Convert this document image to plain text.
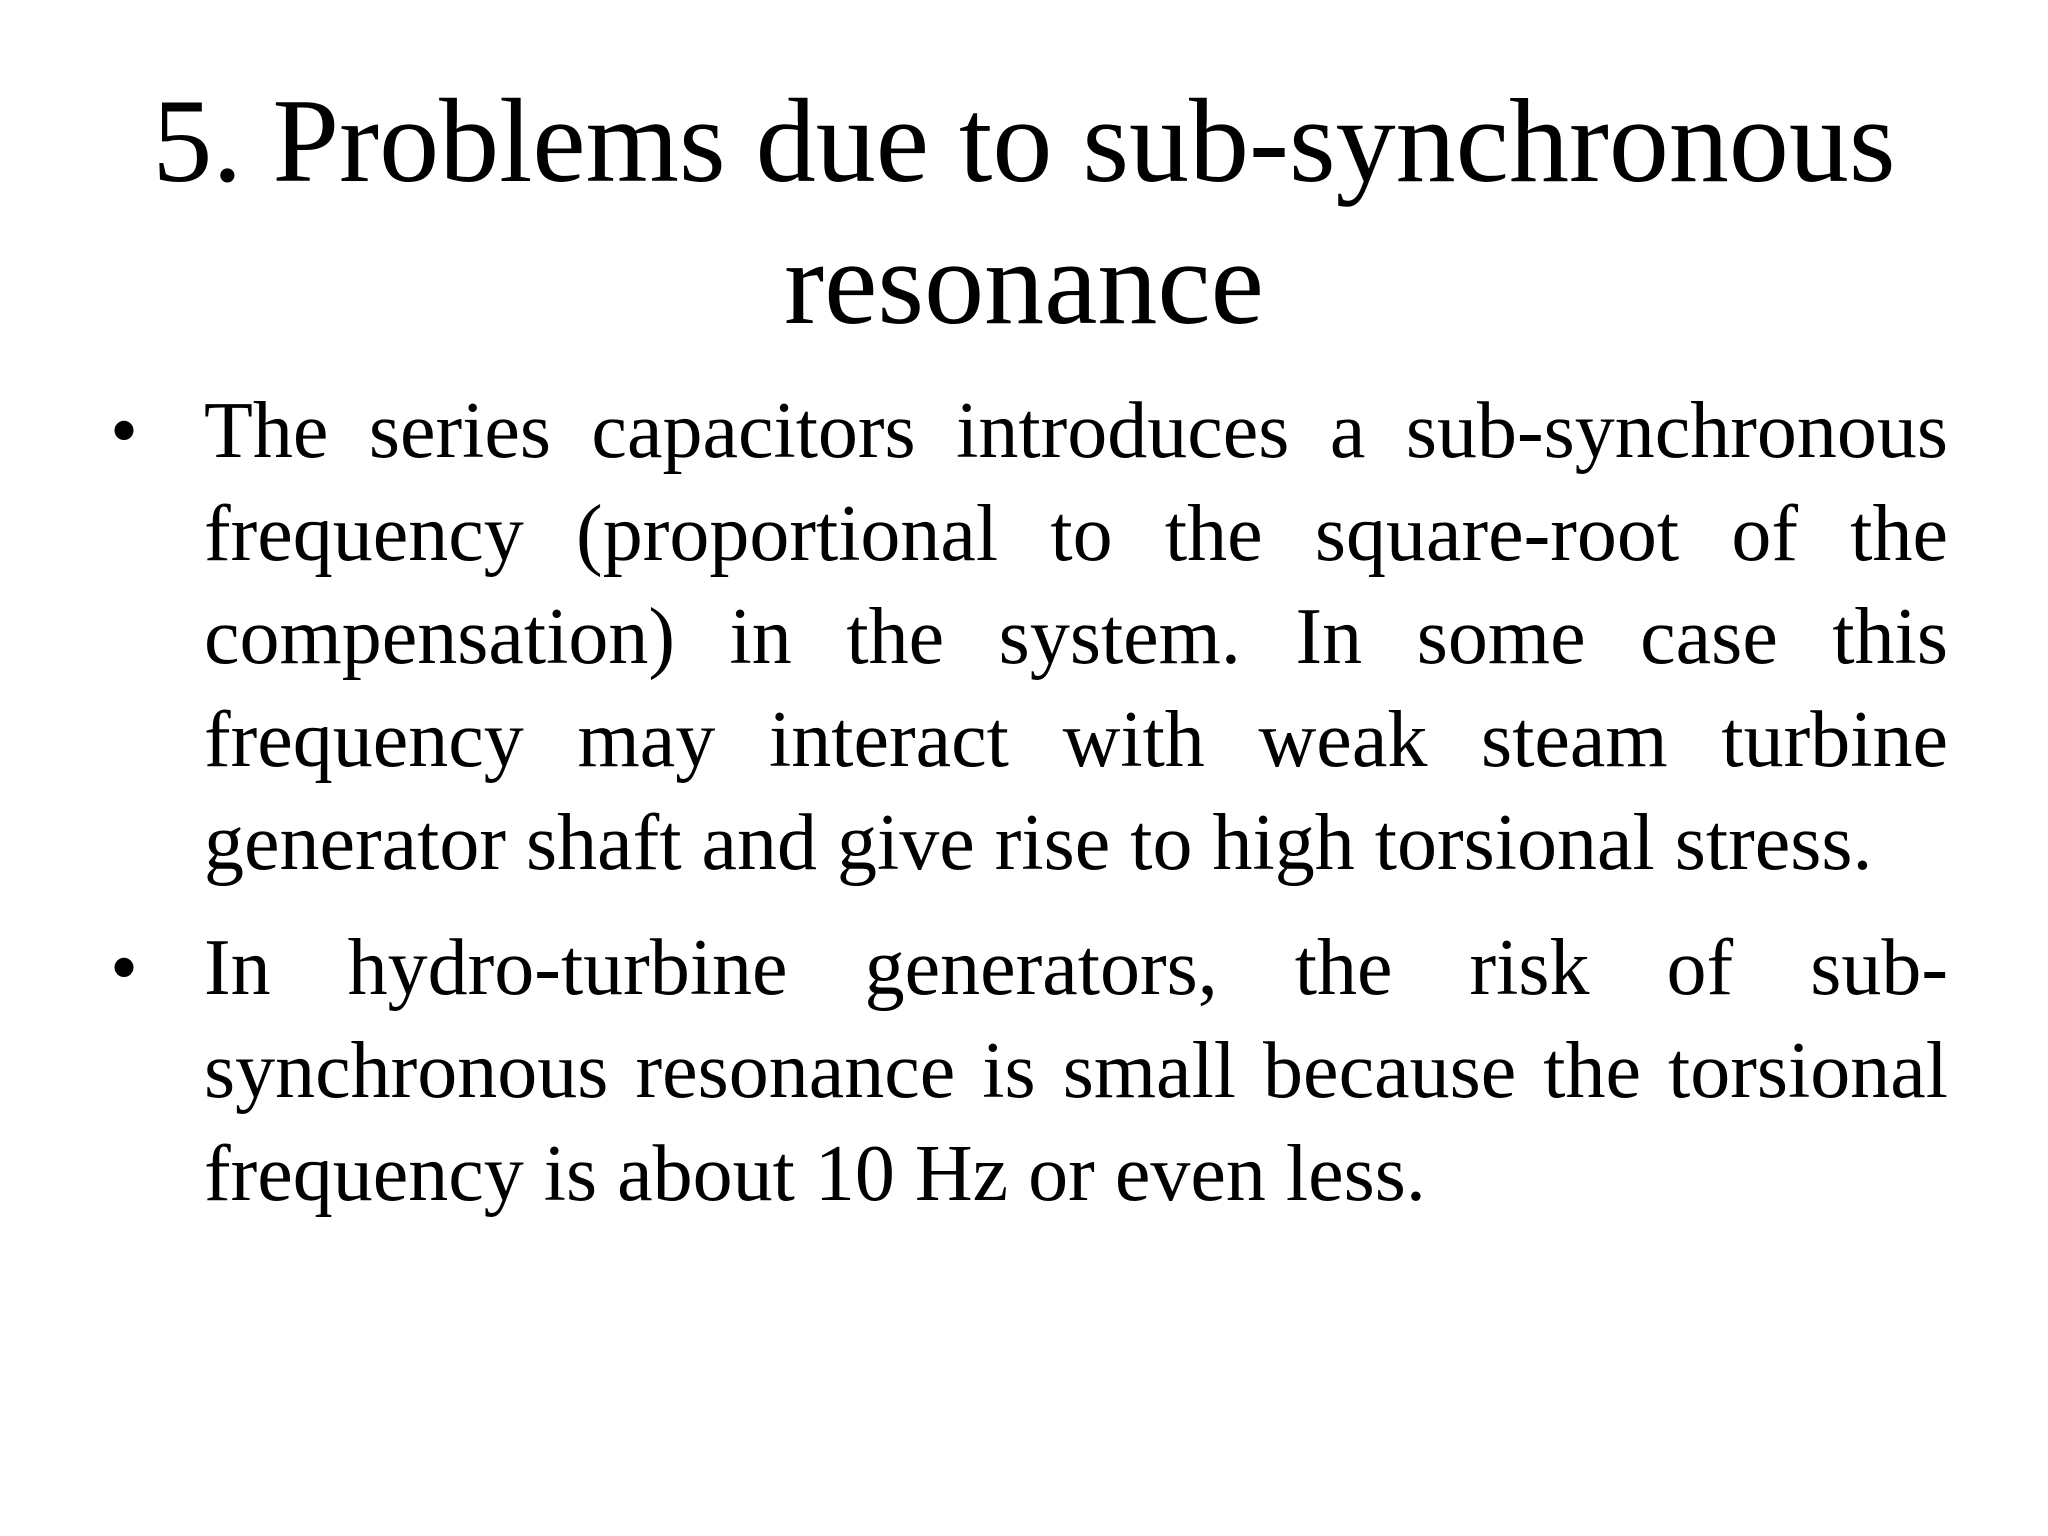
5. Problems due to sub-synchronous resonance
• The series capacitors introduces a sub-synchronous frequency (proportional to the square-root of the compensation) in the system. In some case this frequency may interact with weak steam turbine generator shaft and give rise to high torsional stress.
• In hydro-turbine generators, the risk of sub-synchronous resonance is small because the torsional frequency is about 10 Hz or even less.
